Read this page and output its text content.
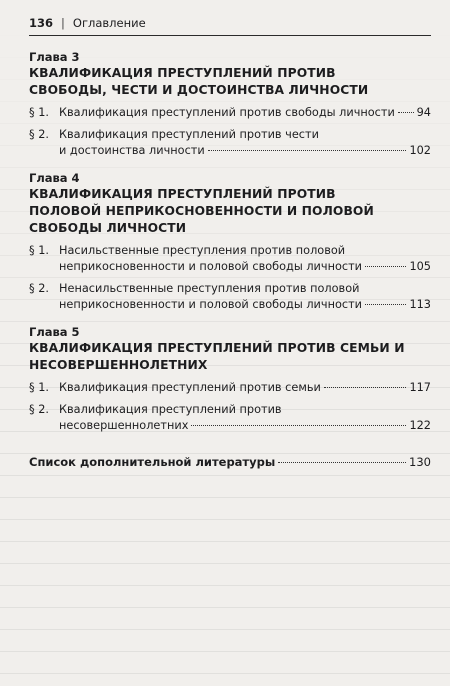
136 | Оглавление
Глава 3
КВАЛИФИКАЦИЯ ПРЕСТУПЛЕНИЙ ПРОТИВ СВОБОДЫ, ЧЕСТИ И ДОСТОИНСТВА ЛИЧНОСТИ
§ 1. Квалификация преступлений против свободы личности 94
§ 2. Квалификация преступлений против чести
и достоинства личности	102
Глава 4
КВАЛИФИКАЦИЯ ПРЕСТУПЛЕНИЙ ПРОТИВ ПОЛОВОЙ НЕПРИКОСНОВЕННОСТИ И ПОЛОВОЙ СВОБОДЫ ЛИЧНОСТИ
§ 1. Насильственные преступления против половой
неприкосновенности и половой свободы личности	105
§ 2. Ненасильственные преступления против половой
неприкосновенности и половой свободы личности	113
Глава 5
КВАЛИФИКАЦИЯ ПРЕСТУПЛЕНИЙ ПРОТИВ СЕМЬИ И НЕСОВЕРШЕННОЛЕТНИХ
§ 1. Квалификация преступлений против семьи	117
§ 2. Квалификация преступлений против
несовершеннолетних	122
Список дополнительной литературы	130
